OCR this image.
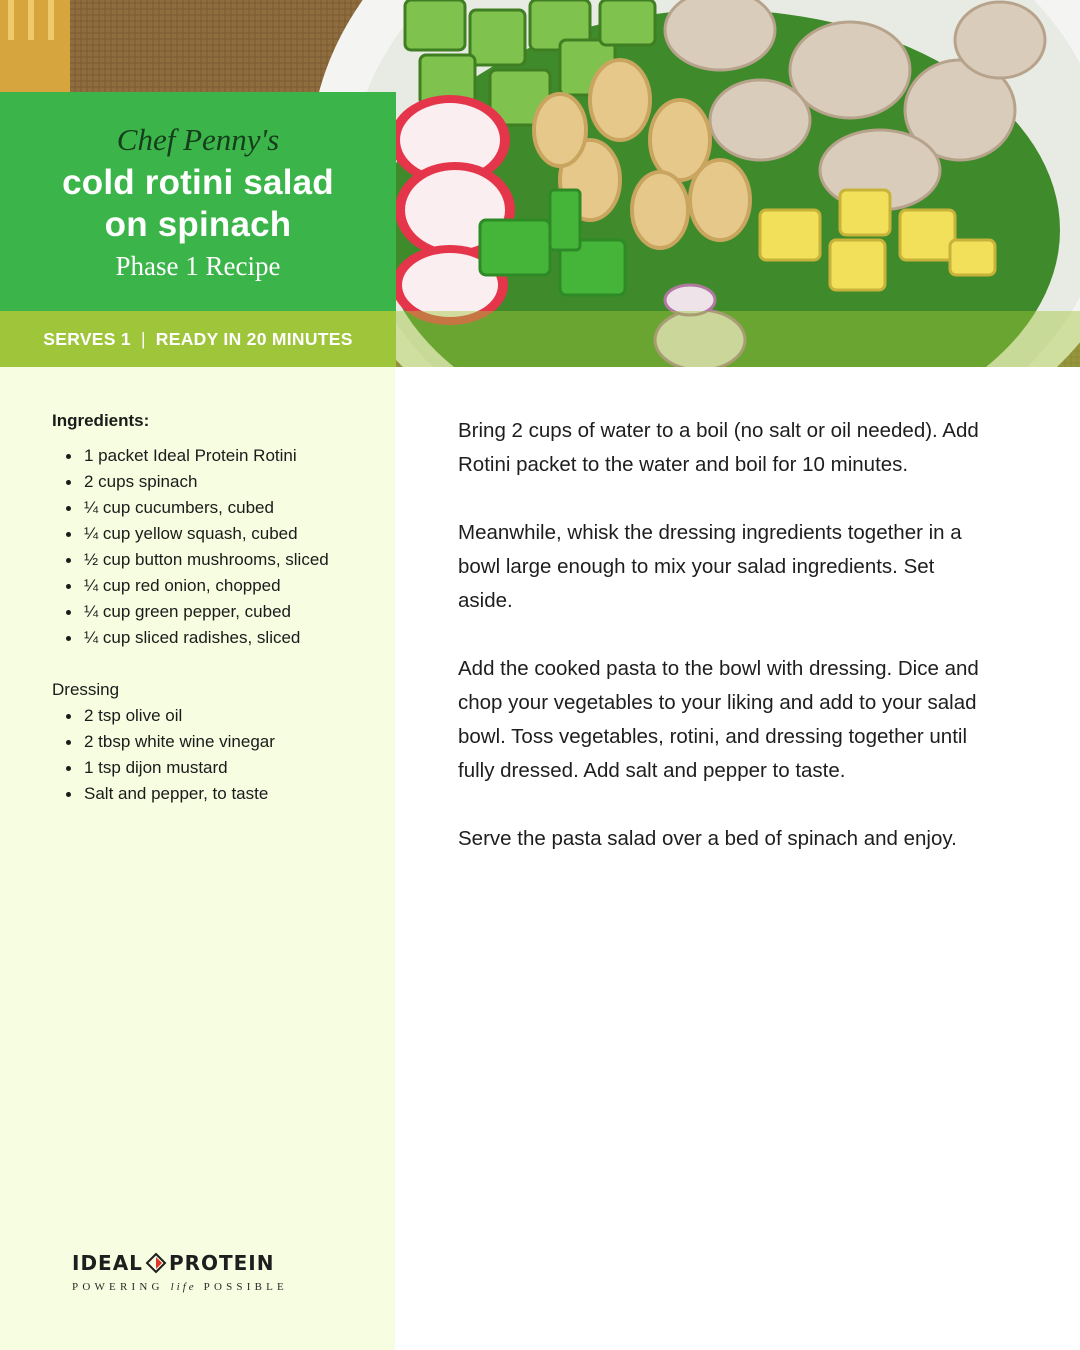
Chef Penny's
cold rotini salad
on spinach
Phase 1 Recipe
SERVES 1 | READY IN 20 MINUTES
Ingredients:
1 packet Ideal Protein Rotini
2 cups spinach
¼ cup cucumbers, cubed
¼ cup yellow squash, cubed
½ cup button mushrooms, sliced
¼ cup red onion, chopped
¼ cup green pepper, cubed
¼ cup sliced radishes, sliced
Dressing
2 tsp olive oil
2 tbsp white wine vinegar
1 tsp dijon mustard
Salt and pepper, to taste
IDEAL PROTEIN
POWERING life POSSIBLE

Bring 2 cups of water to a boil (no salt or oil needed). Add Rotini packet to the water and boil for 10 minutes.

Meanwhile, whisk the dressing ingredients together in a bowl large enough to mix your salad ingredients. Set aside.

Add the cooked pasta to the bowl with dressing. Dice and chop your vegetables to your liking and add to your salad bowl. Toss vegetables, rotini, and dressing together until fully dressed. Add salt and pepper to taste.

Serve the pasta salad over a bed of spinach and enjoy.
